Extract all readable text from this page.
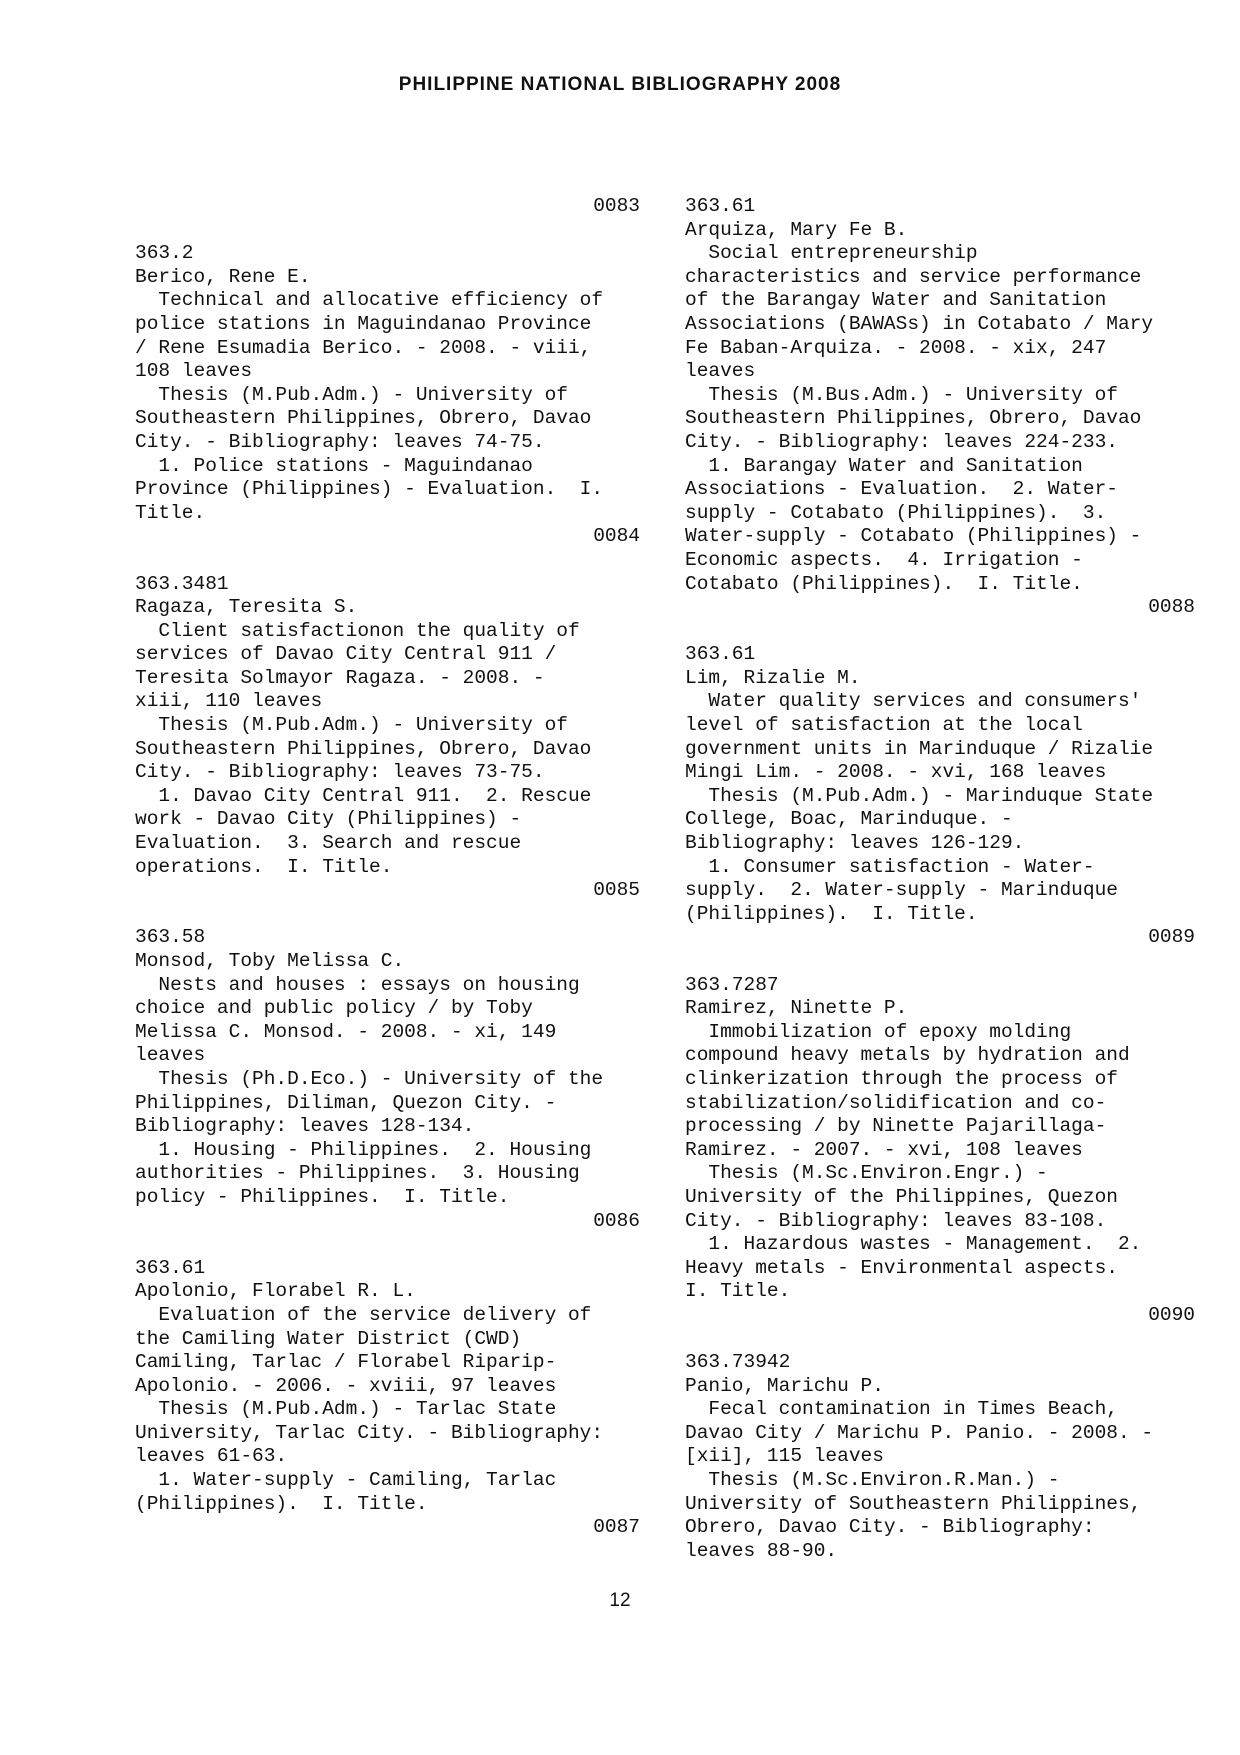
PHILIPPINE NATIONAL BIBLIOGRAPHY 2008
0083
363.2
Berico, Rene E.
Technical and allocative efficiency of
police stations in Maguindanao Province
/ Rene Esumadia Berico. - 2008. - viii,
108 leaves
Thesis (M.Pub.Adm.) - University of
Southeastern Philippines, Obrero, Davao
City. - Bibliography: leaves 74-75.
1. Police stations - Maguindanao
Province (Philippines) - Evaluation.  I.
Title.
0084
363.3481
Ragaza, Teresita S.
Client satisfactionon the quality of
services of Davao City Central 911 /
Teresita Solmayor Ragaza. - 2008. -
xiii, 110 leaves
Thesis (M.Pub.Adm.) - University of
Southeastern Philippines, Obrero, Davao
City. - Bibliography: leaves 73-75.
1. Davao City Central 911.  2. Rescue
work - Davao City (Philippines) -
Evaluation.  3. Search and rescue
operations.  I. Title.
0085
363.58
Monsod, Toby Melissa C.
Nests and houses : essays on housing
choice and public policy / by Toby
Melissa C. Monsod. - 2008. - xi, 149
leaves
Thesis (Ph.D.Eco.) - University of the
Philippines, Diliman, Quezon City. -
Bibliography: leaves 128-134.
1. Housing - Philippines.  2. Housing
authorities - Philippines.  3. Housing
policy - Philippines.  I. Title.
0086
363.61
Apolonio, Florabel R. L.
Evaluation of the service delivery of
the Camiling Water District (CWD)
Camiling, Tarlac / Florabel Riparip-
Apolonio. - 2006. - xviii, 97 leaves
Thesis (M.Pub.Adm.) - Tarlac State
University, Tarlac City. - Bibliography:
leaves 61-63.
1. Water-supply - Camiling, Tarlac
(Philippines).  I. Title.
0087
363.61
Arquiza, Mary Fe B.
Social entrepreneurship
characteristics and service performance
of the Barangay Water and Sanitation
Associations (BAWASs) in Cotabato / Mary
Fe Baban-Arquiza. - 2008. - xix, 247
leaves
Thesis (M.Bus.Adm.) - University of
Southeastern Philippines, Obrero, Davao
City. - Bibliography: leaves 224-233.
1. Barangay Water and Sanitation
Associations - Evaluation.  2. Water-
supply - Cotabato (Philippines).  3.
Water-supply - Cotabato (Philippines) -
Economic aspects.  4. Irrigation -
Cotabato (Philippines).  I. Title.
0088
363.61
Lim, Rizalie M.
Water quality services and consumers'
level of satisfaction at the local
government units in Marinduque / Rizalie
Mingi Lim. - 2008. - xvi, 168 leaves
Thesis (M.Pub.Adm.) - Marinduque State
College, Boac, Marinduque. -
Bibliography: leaves 126-129.
1. Consumer satisfaction - Water-
supply.  2. Water-supply - Marinduque
(Philippines).  I. Title.
0089
363.7287
Ramirez, Ninette P.
Immobilization of epoxy molding
compound heavy metals by hydration and
clinkerization through the process of
stabilization/solidification and co-
processing / by Ninette Pajarillaga-
Ramirez. - 2007. - xvi, 108 leaves
Thesis (M.Sc.Environ.Engr.) -
University of the Philippines, Quezon
City. - Bibliography: leaves 83-108.
1. Hazardous wastes - Management.  2.
Heavy metals - Environmental aspects.
I. Title.
0090
363.73942
Panio, Marichu P.
Fecal contamination in Times Beach,
Davao City / Marichu P. Panio. - 2008. -
[xii], 115 leaves
Thesis (M.Sc.Environ.R.Man.) -
University of Southeastern Philippines,
Obrero, Davao City. - Bibliography:
leaves 88-90.
12
